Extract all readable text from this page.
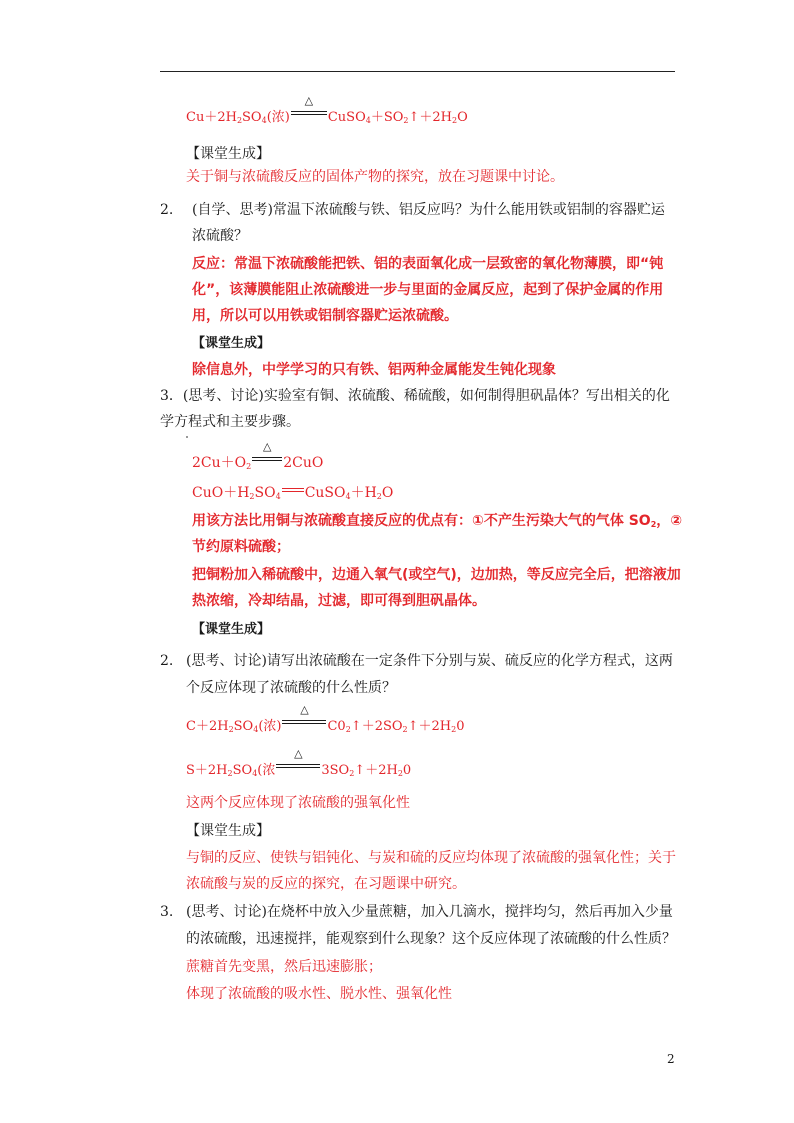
$Cu+2H_2SO_4$(浓)
△
$CuSO_4+SO_2↑+2H_2O$
【课堂生成】
关于铜与浓硫酸反应的固体产物的探究，放在习题课中讨论。
2. (自学、思考)常温下浓硫酸与铁、铝反应吗？为什么能用铁或铝制的容器贮运
浓硫酸？
反应：常温下浓硫酸能把铁、铝的表面氧化成一层致密的氧化物薄膜，即“钝
化”，该薄膜能阻止浓硫酸进一步与里面的金属反应，起到了保护金属的作用
用，所以可以用铁或铝制容器贮运浓硫酸。
【课堂生成】
除信息外，中学学习的只有铁、铝两种金属能发生钝化现象
3．(思考、讨论)实验室有铜、浓硫酸、稀硫酸，如何制得胆矾晶体？写出相关的化
学方程式和主要步骤。
$2Cu+O_2$
△
2CuO
$CuO+H_2SO_4$ $CuSO_4+H_2O$
用该方法比用铜与浓硫酸直接反应的优点有：①不产生污染大气的气体 $SO_2$，②
节约原料硫酸；
把铜粉加入稀硫酸中，边通入氧气(或空气)，边加热，等反应完全后，把溶液加
热浓缩，冷却结晶，过滤，即可得到胆矾晶体。
【课堂生成】
2. (思考、讨论)请写出浓硫酸在一定条件下分别与炭、硫反应的化学方程式，这两
个反应体现了浓硫酸的什么性质？
$C+2H_2SO_4$(浓)
△
$C0_2↑+2SO_2↑+2H_20$
$S+2H_2SO_4$(浓
△
$3SO_2↑+2H_20$
这两个反应体现了浓硫酸的强氧化性
【课堂生成】
与铜的反应、使铁与铝钝化、与炭和硫的反应均体现了浓硫酸的强氧化性；关于
浓硫酸与炭的反应的探究，在习题课中研究。
3. (思考、讨论)在烧杯中放入少量蔗糖，加入几滴水，搅拌均匀，然后再加入少量
的浓硫酸，迅速搅拌，能观察到什么现象？这个反应体现了浓硫酸的什么性质？
蔗糖首先变黑，然后迅速膨胀；
体现了浓硫酸的吸水性、脱水性、强氧化性
2
